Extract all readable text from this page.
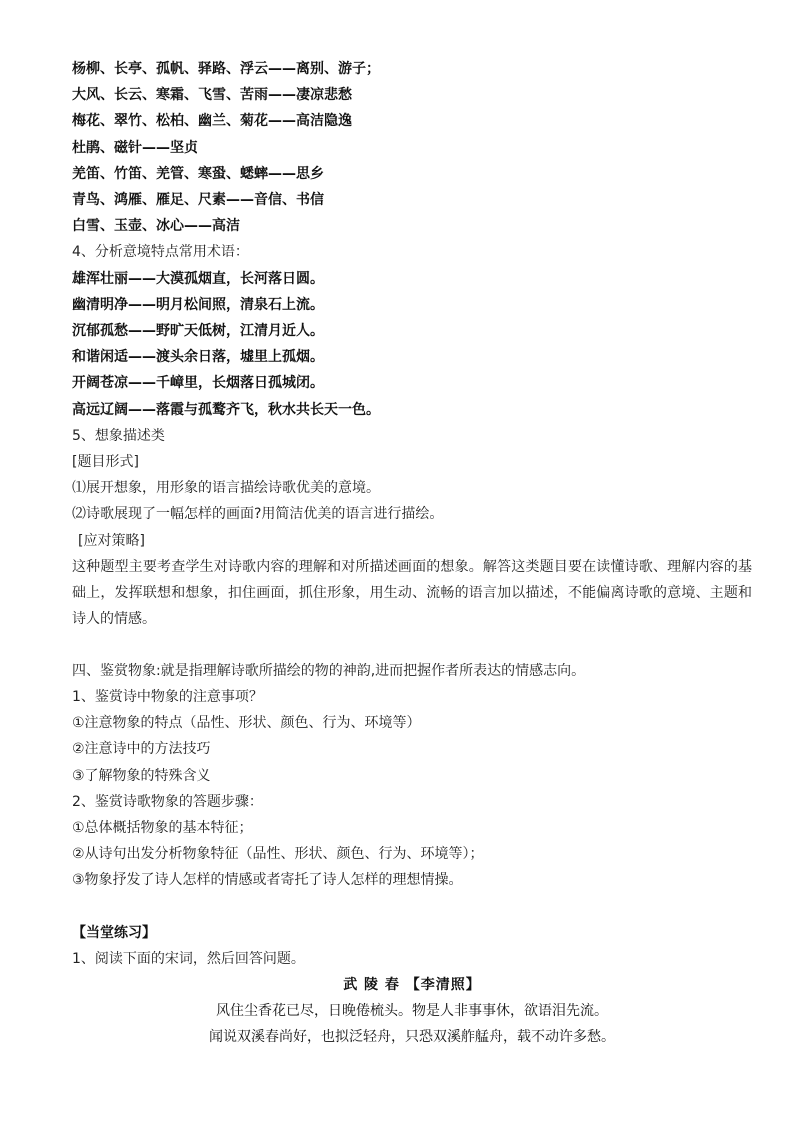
杨柳、长亭、孤帆、驿路、浮云——离别、游子；
大风、长云、寒霜、飞雪、苦雨——凄凉悲愁
梅花、翠竹、松柏、幽兰、菊花——高洁隐逸
杜鹃、磁针——坚贞
羌笛、竹笛、羌管、寒蛩、蟋蟀——思乡
青鸟、鸿雁、雁足、尺素——音信、书信
白雪、玉壶、冰心——高洁
4、分析意境特点常用术语：
雄浑壮丽——大漠孤烟直，长河落日圆。
幽清明净——明月松间照，清泉石上流。
沉郁孤愁——野旷天低树，江清月近人。
和谐闲适——渡头余日落，墟里上孤烟。
开阔苍凉——千嶂里，长烟落日孤城闭。
高远辽阔——落霞与孤鹜齐飞，秋水共长天一色。
5、想象描述类
[题目形式]
⑴展开想象，用形象的语言描绘诗歌优美的意境。
⑵诗歌展现了一幅怎样的画面?用简洁优美的语言进行描绘。
[应对策略]
这种题型主要考查学生对诗歌内容的理解和对所描述画面的想象。解答这类题目要在读懂诗歌、理解内容的基础上，发挥联想和想象，扣住画面，抓住形象，用生动、流畅的语言加以描述，不能偏离诗歌的意境、主题和诗人的情感。
四、鉴赏物象:就是指理解诗歌所描绘的物的神韵,进而把握作者所表达的情感志向。
1、鉴赏诗中物象的注意事项？
①注意物象的特点（品性、形状、颜色、行为、环境等）
②注意诗中的方法技巧
③了解物象的特殊含义
2、鉴赏诗歌物象的答题步骤：
①总体概括物象的基本特征；
②从诗句出发分析物象特征（品性、形状、颜色、行为、环境等）；
③物象抒发了诗人怎样的情感或者寄托了诗人怎样的理想情操。
【当堂练习】
1、阅读下面的宋词，然后回答问题。
武 陵 春 【李清照】
风住尘香花已尽，日晚倦梳头。物是人非事事休，欲语泪先流。
闻说双溪春尚好，也拟泛轻舟，只恐双溪舴艋舟，载不动许多愁。
